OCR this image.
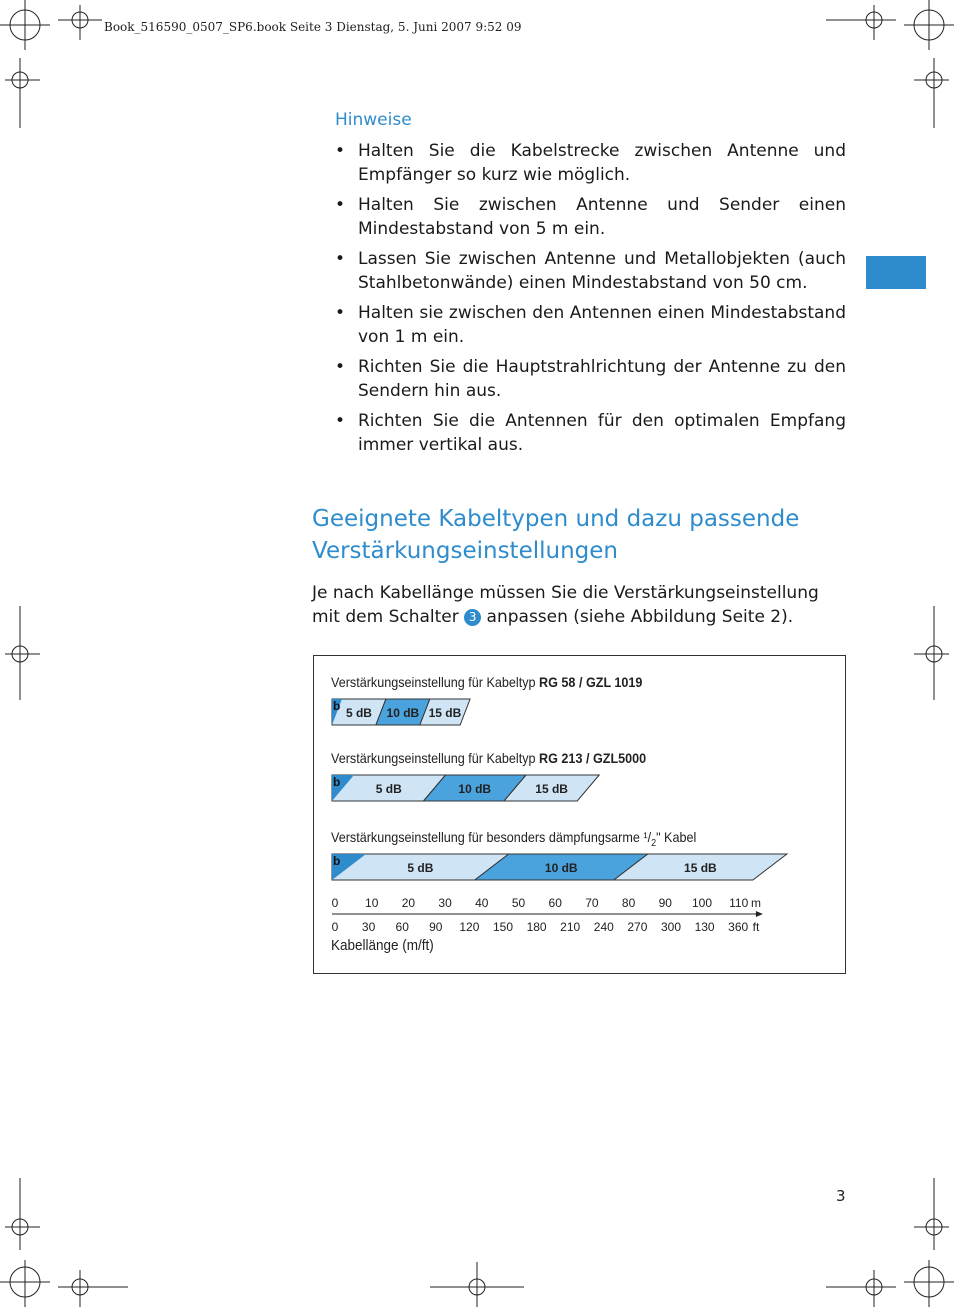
Book_516590_0507_SP6.book Seite 3 Dienstag, 5. Juni 2007 9:52 09
Hinweise
• Halten Sie die Kabelstrecke zwischen Antenne und Empfänger so kurz wie möglich.
• Halten Sie zwischen Antenne und Sender einen Mindestabstand von 5 m ein.
• Lassen Sie zwischen Antenne und Metallobjekten (auch Stahlbetonwände) einen Mindestabstand von 50 cm.
• Halten sie zwischen den Antennen einen Mindestabstand von 1 m ein.
• Richten Sie die Hauptstrahlrichtung der Antenne zu den Sendern hin aus.
• Richten Sie die Antennen für den optimalen Empfang immer vertikal aus.
Geeignete Kabeltypen und dazu passende Verstärkungseinstellungen
Je nach Kabellänge müssen Sie die Verstärkungseinstellung mit dem Schalter 3 anpassen (siehe Abbildung Seite 2).
Verstärkungseinstellung für Kabeltyp RG 58 / GZL 1019
Verstärkungseinstellung für Kabeltyp RG 213 / GZL5000
Verstärkungseinstellung für besonders dämpfungsarme $^1/_2$" Kabel
5 dB 10 dB 15 dB
b
5 dB	10 dB	15 dB
b
5 dB	10 dB	15 dB
b
0 10 20 30 40 50 60 70 80 90 100 110 m
0 30 60 90 120 150 180 210 240 270 300 130 360 ft
Kabellänge (m/ft)
3
